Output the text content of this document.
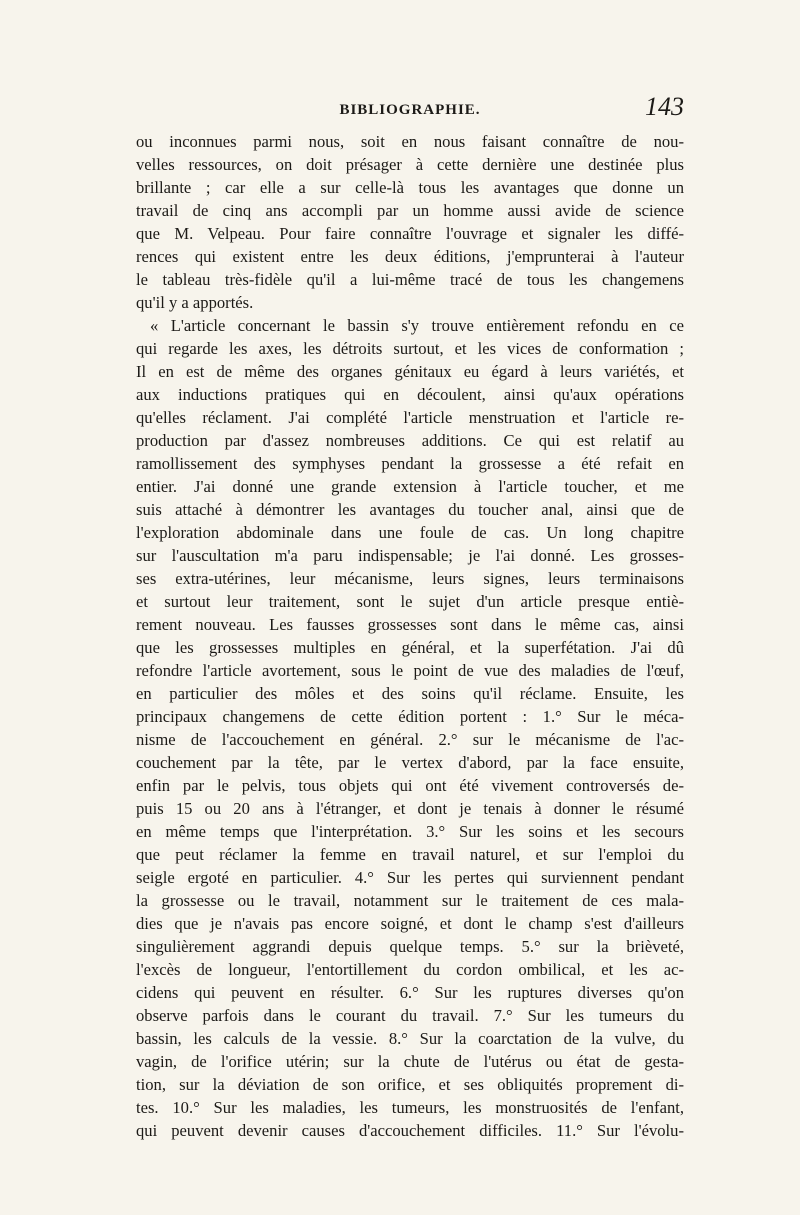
BIBLIOGRAPHIE.	143
ou inconnues parmi nous, soit en nous faisant connaître de nou-
velles ressources, on doit présager à cette dernière une destinée plus
brillante ; car elle a sur celle-là tous les avantages que donne un
travail de cinq ans accompli par un homme aussi avide de science
que M. Velpeau. Pour faire connaître l'ouvrage et signaler les diffé-
rences qui existent entre les deux éditions, j'emprunterai à l'auteur
le tableau très-fidèle qu'il a lui-même tracé de tous les changemens
qu'il y a apportés.
« L'article concernant le bassin s'y trouve entièrement refondu en ce
qui regarde les axes, les détroits surtout, et les vices de conformation ;
Il en est de même des organes génitaux eu égard à leurs variétés, et
aux inductions pratiques qui en découlent, ainsi qu'aux opérations
qu'elles réclament. J'ai complété l'article menstruation et l'article re-
production par d'assez nombreuses additions. Ce qui est relatif au
ramollissement des symphyses pendant la grossesse a été refait en
entier. J'ai donné une grande extension à l'article toucher, et me
suis attaché à démontrer les avantages du toucher anal, ainsi que de
l'exploration abdominale dans une foule de cas. Un long chapitre
sur l'auscultation m'a paru indispensable; je l'ai donné. Les grosses-
ses extra-utérines, leur mécanisme, leurs signes, leurs terminaisons
et surtout leur traitement, sont le sujet d'un article presque entiè-
rement nouveau. Les fausses grossesses sont dans le même cas, ainsi
que les grossesses multiples en général, et la superfétation. J'ai dû
refondre l'article avortement, sous le point de vue des maladies de l'œuf,
en particulier des môles et des soins qu'il réclame. Ensuite, les
principaux changemens de cette édition portent : 1.° Sur le méca-
nisme de l'accouchement en général. 2.° sur le mécanisme de l'ac-
couchement par la tête, par le vertex d'abord, par la face ensuite,
enfin par le pelvis, tous objets qui ont été vivement controversés de-
puis 15 ou 20 ans à l'étranger, et dont je tenais à donner le résumé
en même temps que l'interprétation. 3.° Sur les soins et les secours
que peut réclamer la femme en travail naturel, et sur l'emploi du
seigle ergoté en particulier. 4.° Sur les pertes qui surviennent pendant
la grossesse ou le travail, notamment sur le traitement de ces mala-
dies que je n'avais pas encore soigné, et dont le champ s'est d'ailleurs
singulièrement aggrandi depuis quelque temps. 5.° sur la brièveté,
l'excès de longueur, l'entortillement du cordon ombilical, et les ac-
cidens qui peuvent en résulter. 6.° Sur les ruptures diverses qu'on
observe parfois dans le courant du travail. 7.° Sur les tumeurs du
bassin, les calculs de la vessie. 8.° Sur la coarctation de la vulve, du
vagin, de l'orifice utérin; sur la chute de l'utérus ou état de gesta-
tion, sur la déviation de son orifice, et ses obliquités proprement di-
tes. 10.° Sur les maladies, les tumeurs, les monstruosités de l'enfant,
qui peuvent devenir causes d'accouchement difficiles. 11.° Sur l'évolu-
